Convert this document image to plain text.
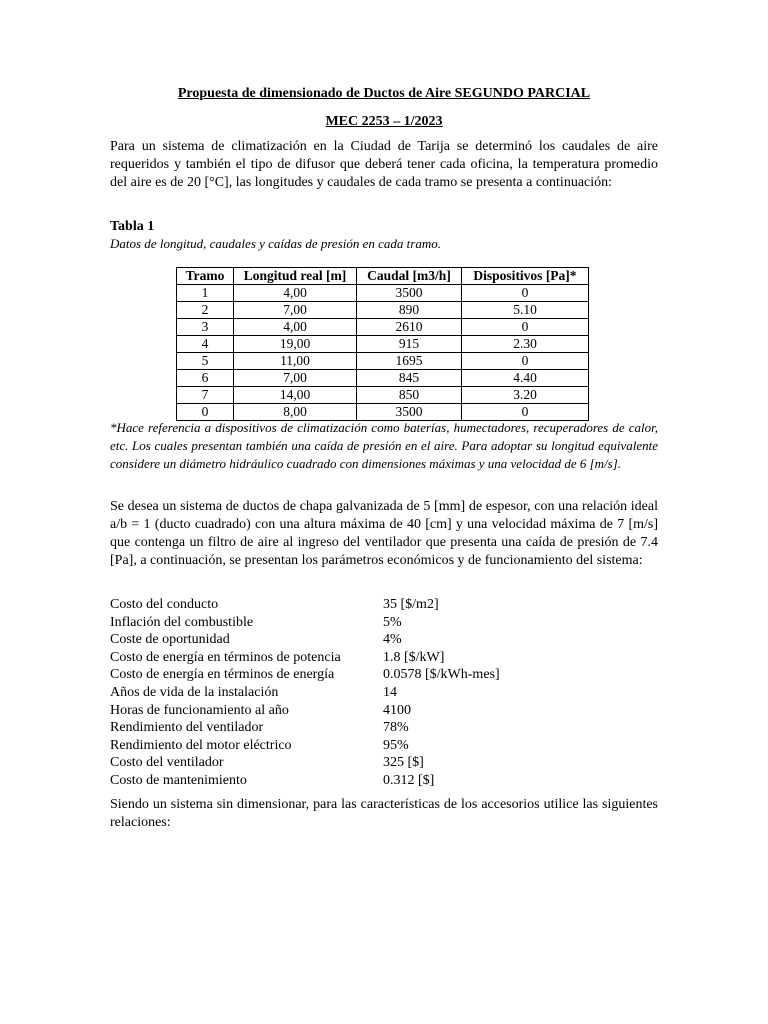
Propuesta de dimensionado de Ductos de Aire SEGUNDO PARCIAL
MEC 2253 – 1/2023
Para un sistema de climatización en la Ciudad de Tarija se determinó los caudales de aire requeridos y también el tipo de difusor que deberá tener cada oficina, la temperatura promedio del aire es de 20 [°C], las longitudes y caudales de cada tramo se presenta a continuación:
Tabla 1
Datos de longitud, caudales y caídas de presión en cada tramo.
Tramo	Longitud real [m]	Caudal [m3/h]	Dispositivos [Pa]*
1	4,00	3500	0
2	7,00	890	5.10
3	4,00	2610	0
4	19,00	915	2.30
5	11,00	1695	0
6	7,00	845	4.40
7	14,00	850	3.20
0	8,00	3500	0
*Hace referencia a dispositivos de climatización como baterías, humectadores, recuperadores de calor, etc. Los cuales presentan también una caída de presión en el aire. Para adoptar su longitud equivalente considere un diámetro hidráulico cuadrado con dimensiones máximas y una velocidad de 6 [m/s].
Se desea un sistema de ductos de chapa galvanizada de 5 [mm] de espesor, con una relación ideal a/b = 1 (ducto cuadrado) con una altura máxima de 40 [cm] y una velocidad máxima de 7 [m/s] que contenga un filtro de aire al ingreso del ventilador que presenta una caída de presión de 7.4 [Pa], a continuación, se presentan los parámetros económicos y de funcionamiento del sistema:
Costo del conducto	35 [$/m2]
Inflación del combustible	5%
Coste de oportunidad	4%
Costo de energía en términos de potencia	1.8 [$/kW]
Costo de energía en términos de energía	0.0578 [$/kWh-mes]
Años de vida de la instalación	14
Horas de funcionamiento al año	4100
Rendimiento del ventilador	78%
Rendimiento del motor eléctrico	95%
Costo del ventilador	325 [$]
Costo de mantenimiento	0.312 [$]
Siendo un sistema sin dimensionar, para las características de los accesorios utilice las siguientes relaciones:
